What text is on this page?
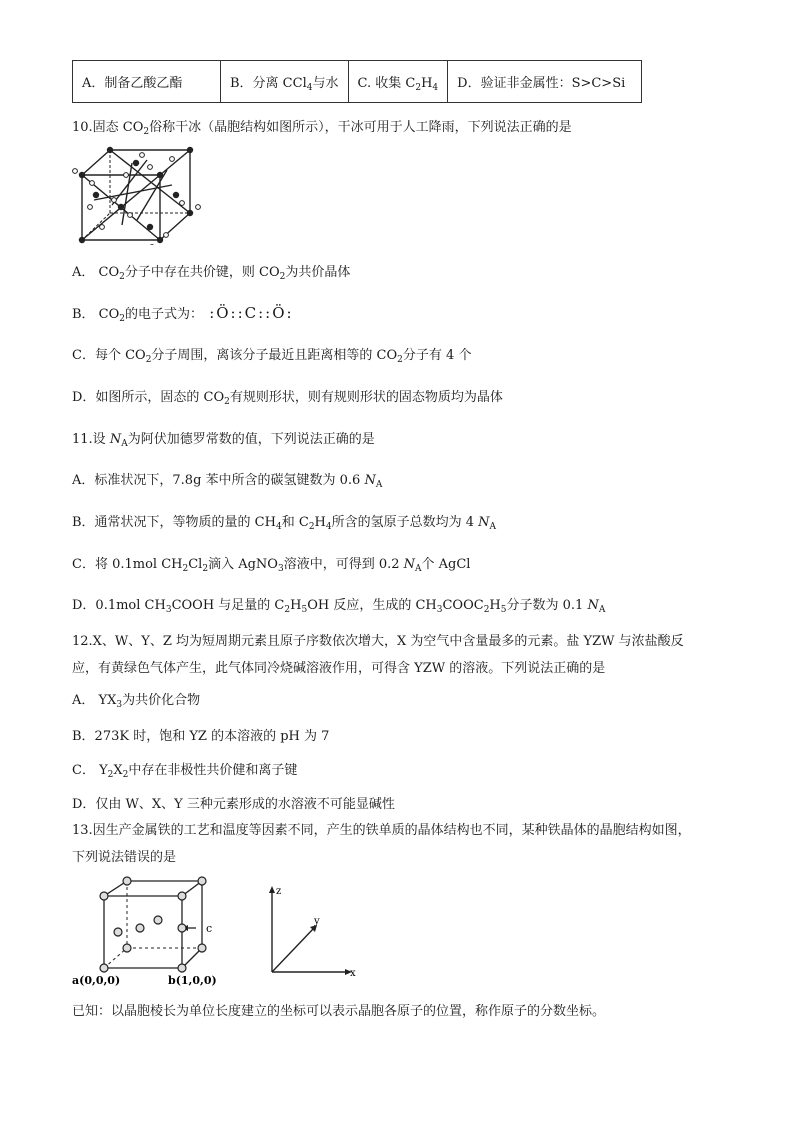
A．制备乙酸乙酯	B．分离 CCl$_4$与水	C. 收集 $C_2H_4$	D．验证非金属性：S>C>Si
10.固态 $CO_2$俗称干冰（晶胞结构如图所示），干冰可用于人工降雨，下列说法正确的是
A． $CO_2$分子中存在共价键，则 $CO_2$为共价晶体
B． $CO_2$的电子式为： :Ö::C::Ö:
C．每个 $CO_2$分子周围，离该分子最近且距离相等的 $CO_2$分子有 4 个
D．如图所示，固态的 $CO_2$有规则形状，则有规则形状的固态物质均为晶体
11.设 $N_A$为阿伏加德罗常数的值，下列说法正确的是
A．标准状况下，7.8g 苯中所含的碳氢键数为 0.6 $N_A$
B．通常状况下，等物质的量的 $CH_4$和 $C_2H_4$所含的氢原子总数均为 4 $N_A$
C．将 0.1mol $CH_2Cl_2$滴入 AgNO$_3$溶液中，可得到 0.2 $N_A$个 AgCl
D．0.1mol $CH_3COOH$ 与足量的 $C_2H_5OH$ 反应，生成的 $CH_3COOC_2H_5$分子数为 0.1 $N_A$
12.X、W、Y、Z 均为短周期元素且原子序数依次增大，X 为空气中含量最多的元素。盐 YZW 与浓盐酸反
应，有黄绿色气体产生，此气体同冷烧碱溶液作用，可得含 YZW 的溶液。下列说法正确的是
A． $YX_3$为共价化合物
B．273K 时，饱和 YZ 的本溶液的 pH 为 7
C． $Y_2X_2$中存在非极性共价健和离子键
D．仅由 W、X、Y 三种元素形成的水溶液不可能显碱性
13.因生产金属铁的工艺和温度等因素不同，产生的铁单质的晶体结构也不同，某种铁晶体的晶胞结构如图，
下列说法错误的是
c
a(0,0,0)	b(1,0,0)
z
y
x
已知：以晶胞棱长为单位长度建立的坐标可以表示晶胞各原子的位置，称作原子的分数坐标。
